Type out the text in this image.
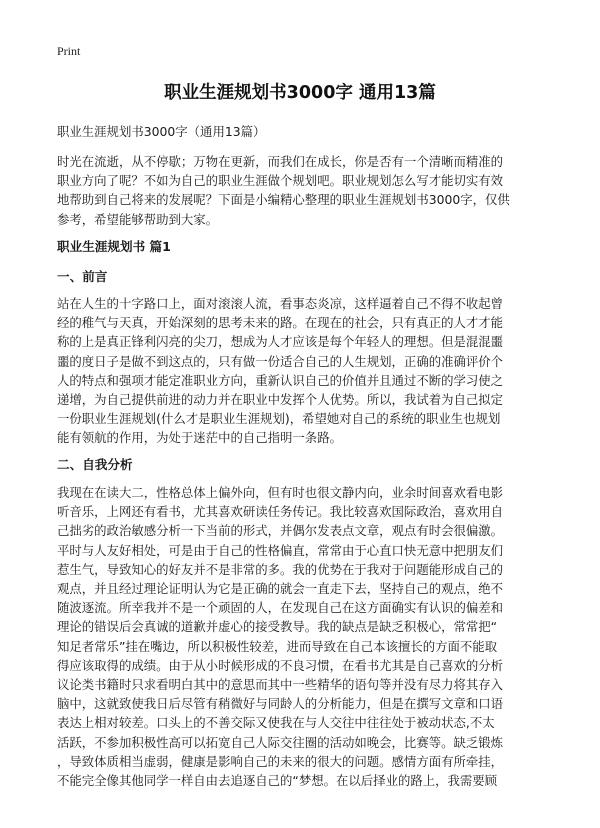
Print
职业生涯规划书3000字 通用13篇
职业生涯规划书3000字（通用13篇）
时光在流逝，从不停歇；万物在更新，而我们在成长，你是否有一个清晰而精准的
职业方向了呢？不如为自己的职业生涯做个规划吧。职业规划怎么写才能切实有效
地帮助到自己将来的发展呢？下面是小编精心整理的职业生涯规划书3000字，仅供
参考，希望能够帮助到大家。
职业生涯规划书 篇1
一、前言
站在人生的十字路口上，面对滚滚人流，看事态炎凉，这样逼着自己不得不收起曾
经的稚气与天真，开始深刻的思考未来的路。在现在的社会，只有真正的人才才能
称的上是真正锋利闪亮的尖刀，想成为人才应该是每个年轻人的理想。但是混混噩
噩的度日子是做不到这点的，只有做一份适合自己的人生规划，正确的准确评价个
人的特点和强项才能定准职业方向，重新认识自己的价值并且通过不断的学习使之
递增，为自己提供前进的动力并在职业中发挥个人优势。所以，我试着为自己拟定
一份职业生涯规划(什么才是职业生涯规划)，希望她对自己的系统的职业生也规划
能有领航的作用，为处于迷茫中的自己指明一条路。
二、自我分析
我现在在读大二，性格总体上偏外向，但有时也很文静内向，业余时间喜欢看电影
听音乐，上网还有看书，尤其喜欢研读任务传记。我比较喜欢国际政治，喜欢用自
己拙劣的政治敏感分析一下当前的形式，并偶尔发表点文章，观点有时会很偏激。
平时与人友好相处，可是由于自己的性格偏直，常常由于心直口快无意中把朋友们
惹生气，导致知心的好友并不是非常的多。我的优势在于我对于问题能形成自己的
观点，并且经过理论证明认为它是正确的就会一直走下去，坚持自己的观点，绝不
随波逐流。所幸我并不是一个顽固的人，在发现自己在这方面确实有认识的偏差和
理论的错误后会真诚的道歉并虚心的接受教导。我的缺点是缺乏积极心，常常把“
知足者常乐”挂在嘴边，所以积极性较差，进而导致在自己本该擅长的方面不能取
得应该取得的成绩。由于从小时候形成的不良习惯，在看书尤其是自己喜欢的分析
议论类书籍时只求看明白其中的意思而其中一些精华的语句等并没有尽力将其存入
脑中，这就致使我日后尽管有稍微好与同龄人的分析能力，但是在撰写文章和口语
表达上相对较差。口头上的不善交际又使我在与人交往中往往处于被动状态,不太
活跃，不参加积极性高可以拓宽自己人际交往圈的活动如晚会，比赛等。缺乏锻炼
，导致体质相当虚弱，健康是影响自己的未来的很大的问题。感情方面有所牵挂，
不能完全像其他同学一样自由去追逐自己的“梦想。在以后择业的路上，我需要顾
